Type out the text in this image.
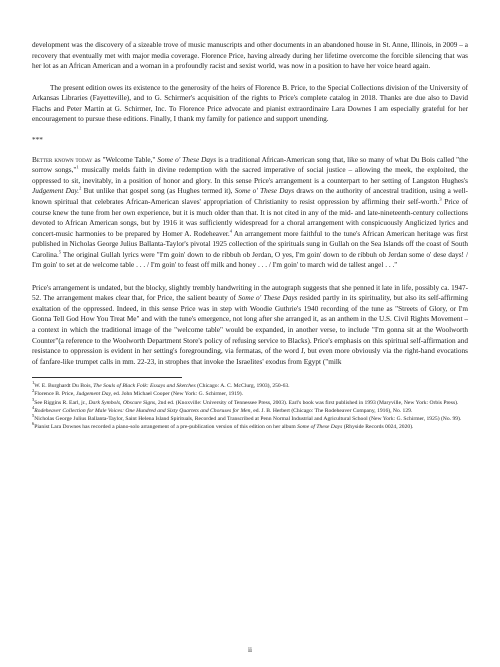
development was the discovery of a sizeable trove of music manuscripts and other documents in an abandoned house in St. Anne, Illinois, in 2009 – a recovery that eventually met with major media coverage. Florence Price, having already during her lifetime overcome the forcible silencing that was her lot as an African American and a woman in a profoundly racist and sexist world, was now in a position to have her voice heard again.

The present edition owes its existence to the generosity of the heirs of Florence B. Price, to the Special Collections division of the University of Arkansas Libraries (Fayetteville), and to G. Schirmer's acquisition of the rights to Price's complete catalog in 2018. Thanks are due also to David Flachs and Peter Martin at G. Schirmer, Inc. To Florence Price advocate and pianist extraordinaire Lara Downes I am especially grateful for her encouragement to pursue these editions. Finally, I thank my family for patience and support unending.

***

Better known today as "Welcome Table," Some o' These Days is a traditional African-American song that, like so many of what Du Bois called "the sorrow songs,"$^1$ musically melds faith in divine redemption with the sacred imperative of social justice – allowing the meek, the exploited, the oppressed to sit, inevitably, in a position of honor and glory. In this sense Price's arrangement is a counterpart to her setting of Langston Hughes's Judgement Day.$^2$ But unlike that gospel song (as Hughes termed it), Some o' These Days draws on the authority of ancestral tradition, using a well-known spiritual that celebrates African-American slaves' appropriation of Christianity to resist oppression by affirming their self-worth.$^3$ Price of course knew the tune from her own experience, but it is much older than that. It is not cited in any of the mid- and late-nineteenth-century collections devoted to African American songs, but by 1916 it was sufficiently widespread for a choral arrangement with conspicuously Anglicized lyrics and concert-music harmonies to be prepared by Homer A. Rodeheaver.$^4$ An arrangement more faithful to the tune's African American heritage was first published in Nicholas George Julius Ballanta-Taylor's pivotal 1925 collection of the spirituals sung in Gullah on the Sea Islands off the coast of South Carolina.$^5$ The original Gullah lyrics were "I'm goin' down to de ribbuh ob Jerdan, O yes, I'm goin' down to de ribbuh ob Jerdan some o' dese days! / I'm goin' to set at de welcome table . . . / I'm goin' to feast off milk and honey . . . / I'm goin' to march wid de tallest angel . . ."

Price's arrangement is undated, but the blocky, slightly trembly handwriting in the autograph suggests that she penned it late in life, possibly ca. 1947-52. The arrangement makes clear that, for Price, the salient beauty of Some o' These Days resided partly in its spirituality, but also its self-affirming exaltation of the oppressed. Indeed, in this sense Price was in step with Woodie Guthrie's 1940 recording of the tune as "Streets of Glory, or I'm Gonna Tell God How You Treat Me" and with the tune's emergence, not long after she arranged it, as an anthem in the U.S. Civil Rights Movement – a context in which the traditional image of the "welcome table" would be expanded, in another verse, to include "I'm gonna sit at the Woolworth Counter"(a reference to the Woolworth Department Store's policy of refusing service to Blacks). Price's emphasis on this spiritual self-affirmation and resistance to oppression is evident in her setting's foregrounding, via fermatas, of the word I, but even more obviously via the right-hand evocations of fanfare-like trumpet calls in mm. 22-23, in strophes that invoke the Israelites' exodus from Egypt ("milk

$^1$W. E. Burghardt Du Bois, The Souls of Black Folk: Essays and Sketches (Chicago: A. C. McClurg, 1903), 250-63.

$^2$Florence B. Price, Judgement Day, ed. John Michael Cooper (New York: G. Schirmer, 1919).

$^3$See Riggins R. Earl, jr., Dark Symbols, Obscure Signs, 2nd ed. (Knoxville: University of Tennessee Press, 2003). Earl's book was first published in 1993 (Maryville, New York: Orbis Press).

$^4$Rodeheaver Collection for Male Voices: One Hundred and Sixty Quartets and Choruses for Men, ed. J. B. Herbert (Chicago: The Rodeheaver Company, 1916), No. 129.

$^5$Nicholas George Julius Ballanta-Taylor, Saint Helena Island Spirituals, Recorded and Transcribed at Penn Normal Industrial and Agricultural School (New York: G. Schirmer, 1925) (No. 99).

$^6$Pianist Lara Downes has recorded a piano-solo arrangement of a pre-publication version of this edition on her album Some of These Days (Rhyside Records 0024, 2020).

ii
